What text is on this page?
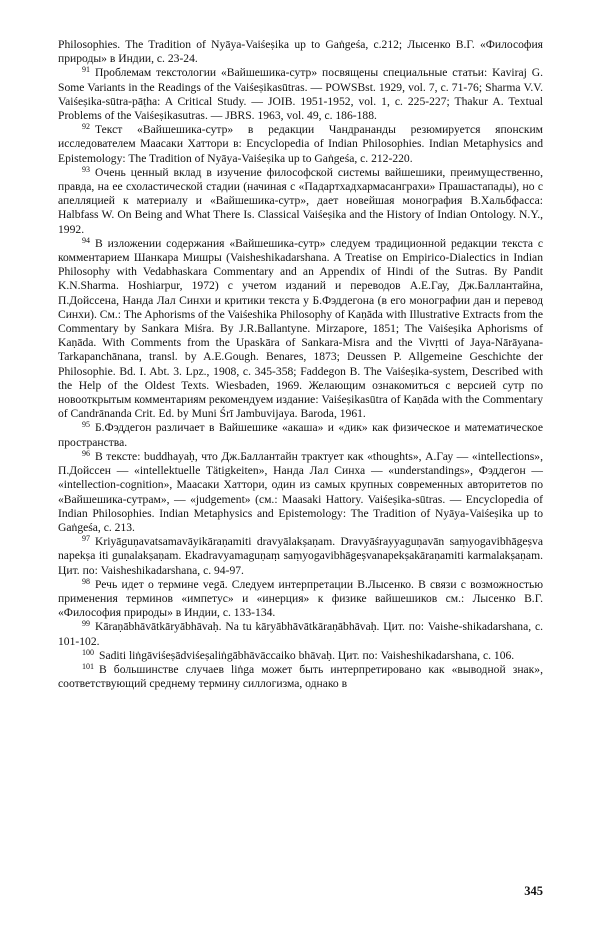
Philosophies. The Tradition of Nyāya-Vaiśeṣika up to Gaṅgeśa, c.212; Лысенко В.Г. «Философия природы» в Индии, с. 23-24.

$^{91}$ Проблемам текстологии «Вайшешика-сутр» посвящены специальные статьи: Kaviraj G. Some Variants in the Readings of the Vaiśeṣikasūtras. — POWSBst. 1929, vol. 7, c. 71-76; Sharma V.V. Vaiśeṣika-sūtra-pāṭha: A Critical Study. — JOIB. 1951-1952, vol. 1, c. 225-227; Thakur A. Textual Problems of the Vaiśeṣikasutras. — JBRS. 1963, vol. 49, c. 186-188.

$^{92}$ Текст «Вайшешика-сутр» в редакции Чандрананды резюмируется японским исследователем Маасаки Хаттори в: Encyclopedia of Indian Philosophies. Indian Metaphysics and Epistemology: The Tradition of Nyāya-Vaiśeṣika up to Gaṅgeśa, c. 212-220.

$^{93}$ Очень ценный вклад в изучение философской системы вайшешики, преимущественно, правда, на ее схоластической стадии (начиная с «Падартхадхармасанграхи» Прашастапады), но с апелляцией к материалу и «Вайшешика-сутр», дает новейшая монография В.Хальбфасса: Halbfass W. On Being and What There Is. Classical Vaiśeṣika and the History of Indian Ontology. N.Y., 1992.

$^{94}$ В изложении содержания «Вайшешика-сутр» следуем традиционной редакции текста с комментарием Шанкара Мишры (Vaisheshikadarshana. A Treatise on Empirico-Dialectics in Indian Philosophy with Vedabhaskara Commentary and an Appendix of Hindi of the Sutras. By Pandit K.N.Sharma. Hoshiarpur, 1972) с учетом изданий и переводов А.Е.Гау, Дж.Баллантайна, П.Дойссена, Нанда Лал Синхи и критики текста у Б.Фэддегона (в его монографии дан и перевод Синхи). См.: The Aphorisms of the Vaiśeshika Philosophy of Kaṇāda with Illustrative Extracts from the Commentary by Sankara Miśra. By J.R.Ballantyne. Mirzapore, 1851; The Vaiśeṣika Aphorisms of Kaṇāda. With Comments from the Upaskāra of Sankara-Misra and the Vivṛtti of Jaya-Nārāyana-Tarkapanchānana, transl. by A.E.Gough. Benares, 1873; Deussen P. Allgemeine Geschichte der Philosophie. Bd. I. Abt. 3. Lpz., 1908, c. 345-358; Faddegon B. The Vaiśeṣika-system, Described with the Help of the Oldest Texts. Wiesbaden, 1969. Желающим ознакомиться с версией сутр по новооткрытым комментариям рекомендуем издание: Vaiśeṣikasūtra of Kaṇāda with the Commentary of Candrānanda Crit. Ed. by Muni Śrī Jambuvijaya. Baroda, 1961.

$^{95}$ Б.Фэддегон различает в Вайшешике «акаша» и «дик» как физическое и математическое пространства.

$^{96}$ В тексте: buddhayaḥ, что Дж.Баллантайн трактует как «thoughts», А.Гау — «intellections», П.Дойссен — «intellektuelle Tätigkeiten», Нанда Лал Синха — «understandings», Фэддегон — «intellection-cognition», Маасаки Хаттори, один из самых крупных современных авторитетов по «Вайшешика-сутрам», — «judgement» (см.: Maasaki Hattory. Vaiśeṣika-sūtras. — Encyclopedia of Indian Philosophies. Indian Metaphysics and Epistemology: The Tradition of Nyāya-Vaiśeṣika up to Gaṅgeśa, c. 213.

$^{97}$ Kriyāguṇavatsamavāyikāraṇamiti dravyālakṣaṇam. Dravyāśrayyaguṇavān saṃyogavibhāgeṣva napekṣa iti guṇalakṣaṇam. Ekadravyamaguṇaṃ saṃyogavibhāgeṣvanapekṣakāraṇamiti karmalakṣaṇam. Цит. по: Vaisheshikadarshana, c. 94-97.

$^{98}$ Речь идет о термине vegā. Следуем интерпретации В.Лысенко. В связи с возможностью применения терминов «импетус» и «инерция» к физике вайшешиков см.: Лысенко В.Г. «Философия природы» в Индии, с. 133-134.

$^{99}$ Kāraṇābhāvātkāryābhāvaḥ. Na tu kāryābhāvātkāraṇābhāvaḥ. Цит. по: Vaishe-shikadarshana, c. 101-102.

$^{100}$ Saditi liṅgāviśeṣādviśeṣaliṅgābhāvāccaiko bhāvaḥ. Цит. по: Vaisheshikadarshana, c. 106.

$^{101}$ В большинстве случаев liṅga может быть интерпретировано как «выводной знак», соответствующий среднему термину силлогизма, однако в

345
